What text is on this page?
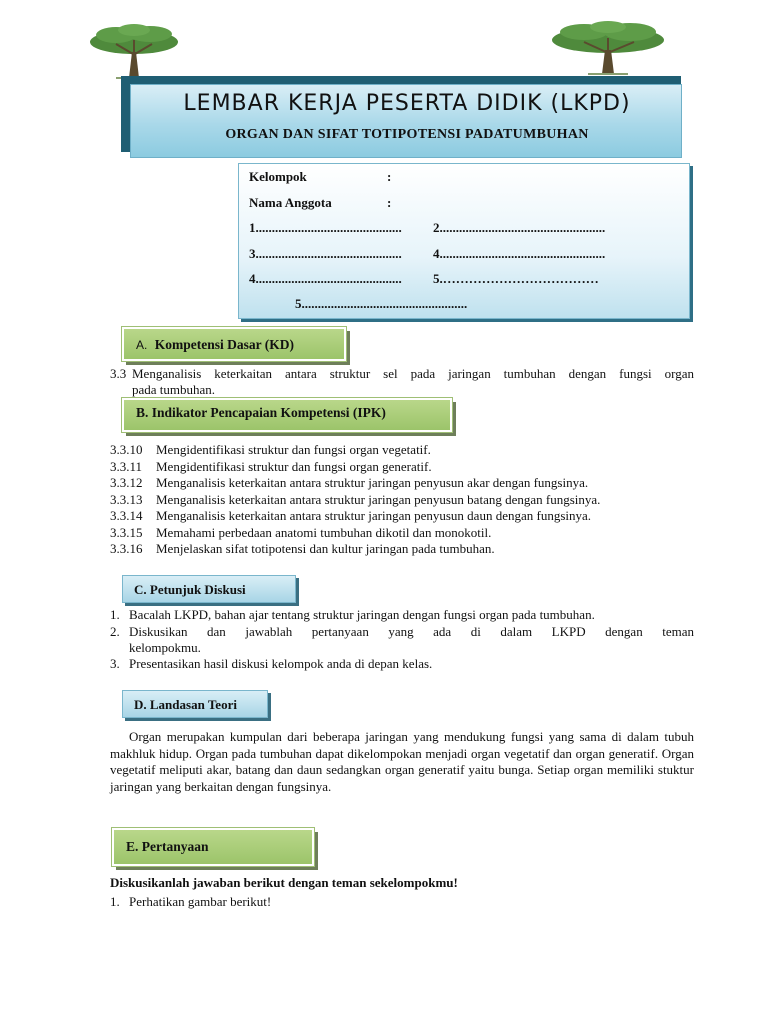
LEMBAR KERJA PESERTA DIDIK (LKPD)
ORGAN DAN SIFAT TOTIPOTENSI PADATUMBUHAN
Kelompok	:
Nama Anggota	:
1............................................. 2...................................................
3............................................. 4...................................................
4............................................. 5.………………………………
5...................................................
A. Kompetensi Dasar (KD)
3.3 Menganalisis keterkaitan antara struktur sel pada jaringan tumbuhan dengan fungsi organ
pada tumbuhan.
B. Indikator Pencapaian Kompetensi (IPK)
3.3.10 Mengidentifikasi struktur dan fungsi organ vegetatif.
3.3.11 Mengidentifikasi struktur dan fungsi organ generatif.
3.3.12 Menganalisis keterkaitan antara struktur jaringan penyusun akar dengan fungsinya.
3.3.13 Menganalisis keterkaitan antara struktur jaringan penyusun batang dengan fungsinya.
3.3.14 Menganalisis keterkaitan antara struktur jaringan penyusun daun dengan fungsinya.
3.3.15 Memahami perbedaan anatomi tumbuhan dikotil dan monokotil.
3.3.16 Menjelaskan sifat totipotensi dan kultur jaringan pada tumbuhan.
C. Petunjuk Diskusi
1. Bacalah LKPD, bahan ajar tentang struktur jaringan dengan fungsi organ pada tumbuhan.
2. Diskusikan dan jawablah pertanyaan yang ada di dalam LKPD dengan teman
kelompokmu.
3. Presentasikan hasil diskusi kelompok anda di depan kelas.
D. Landasan Teori
Organ merupakan kumpulan dari beberapa jaringan yang mendukung fungsi yang sama di dalam tubuh makhluk hidup. Organ pada tumbuhan dapat dikelompokan menjadi organ vegetatif dan organ generatif. Organ vegetatif meliputi akar, batang dan daun sedangkan organ generatif yaitu bunga. Setiap organ memiliki stuktur jaringan yang berkaitan dengan fungsinya.
E. Pertanyaan
Diskusikanlah jawaban berikut dengan teman sekelompokmu!
1. Perhatikan gambar berikut!
